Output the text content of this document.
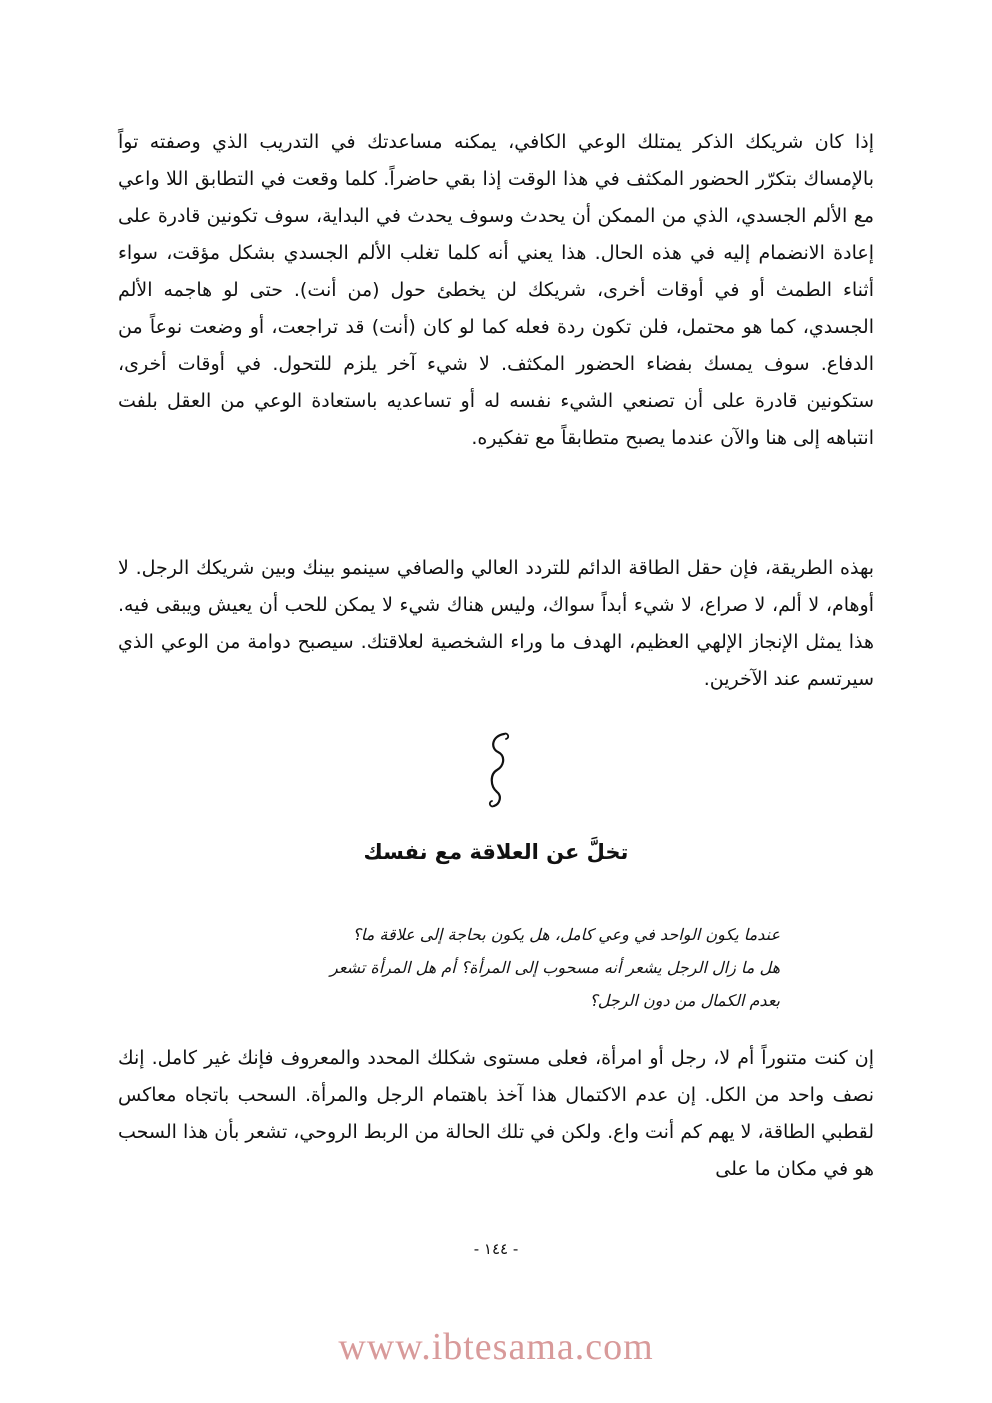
إذا كان شريكك الذكر يمتلك الوعي الكافي، يمكنه مساعدتك في التدريب الذي وصفته تواً بالإمساك بتكرّر الحضور المكثف في هذا الوقت إذا بقي حاضراً. كلما وقعت في التطابق اللا واعي مع الألم الجسدي، الذي من الممكن أن يحدث وسوف يحدث في البداية، سوف تكونين قادرة على إعادة الانضمام إليه في هذه الحال. هذا يعني أنه كلما تغلب الألم الجسدي بشكل مؤقت، سواء أثناء الطمث أو في أوقات أخرى، شريكك لن يخطئ حول (من أنت). حتى لو هاجمه الألم الجسدي، كما هو محتمل، فلن تكون ردة فعله كما لو كان (أنت) قد تراجعت، أو وضعت نوعاً من الدفاع. سوف يمسك بفضاء الحضور المكثف. لا شيء آخر يلزم للتحول. في أوقات أخرى، ستكونين قادرة على أن تصنعي الشيء نفسه له أو تساعديه باستعادة الوعي من العقل بلفت انتباهه إلى هنا والآن عندما يصبح متطابقاً مع تفكيره.

بهذه الطريقة، فإن حقل الطاقة الدائم للتردد العالي والصافي سينمو بينك وبين شريكك الرجل. لا أوهام، لا ألم، لا صراع، لا شيء أبداً سواك، وليس هناك شيء لا يمكن للحب أن يعيش ويبقى فيه. هذا يمثل الإنجاز الإلهي العظيم، الهدف ما وراء الشخصية لعلاقتك. سيصبح دوامة من الوعي الذي سيرتسم عند الآخرين.

تخلَّ عن العلاقة مع نفسك
عندما يكون الواحد في وعي كامل، هل يكون بحاجة إلى علاقة ما؟
هل ما زال الرجل يشعر أنه مسحوب إلى المرأة؟ أم هل المرأة تشعر
بعدم الكمال من دون الرجل؟

إن كنت متنوراً أم لا، رجل أو امرأة، فعلى مستوى شكلك المحدد والمعروف فإنك غير كامل. إنك نصف واحد من الكل. إن عدم الاكتمال هذا آخذ باهتمام الرجل والمرأة. السحب باتجاه معاكس لقطبي الطاقة، لا يهم كم أنت واع. ولكن في تلك الحالة من الربط الروحي، تشعر بأن هذا السحب هو في مكان ما على

- ١٤٤ -

www.ibtesama.com
